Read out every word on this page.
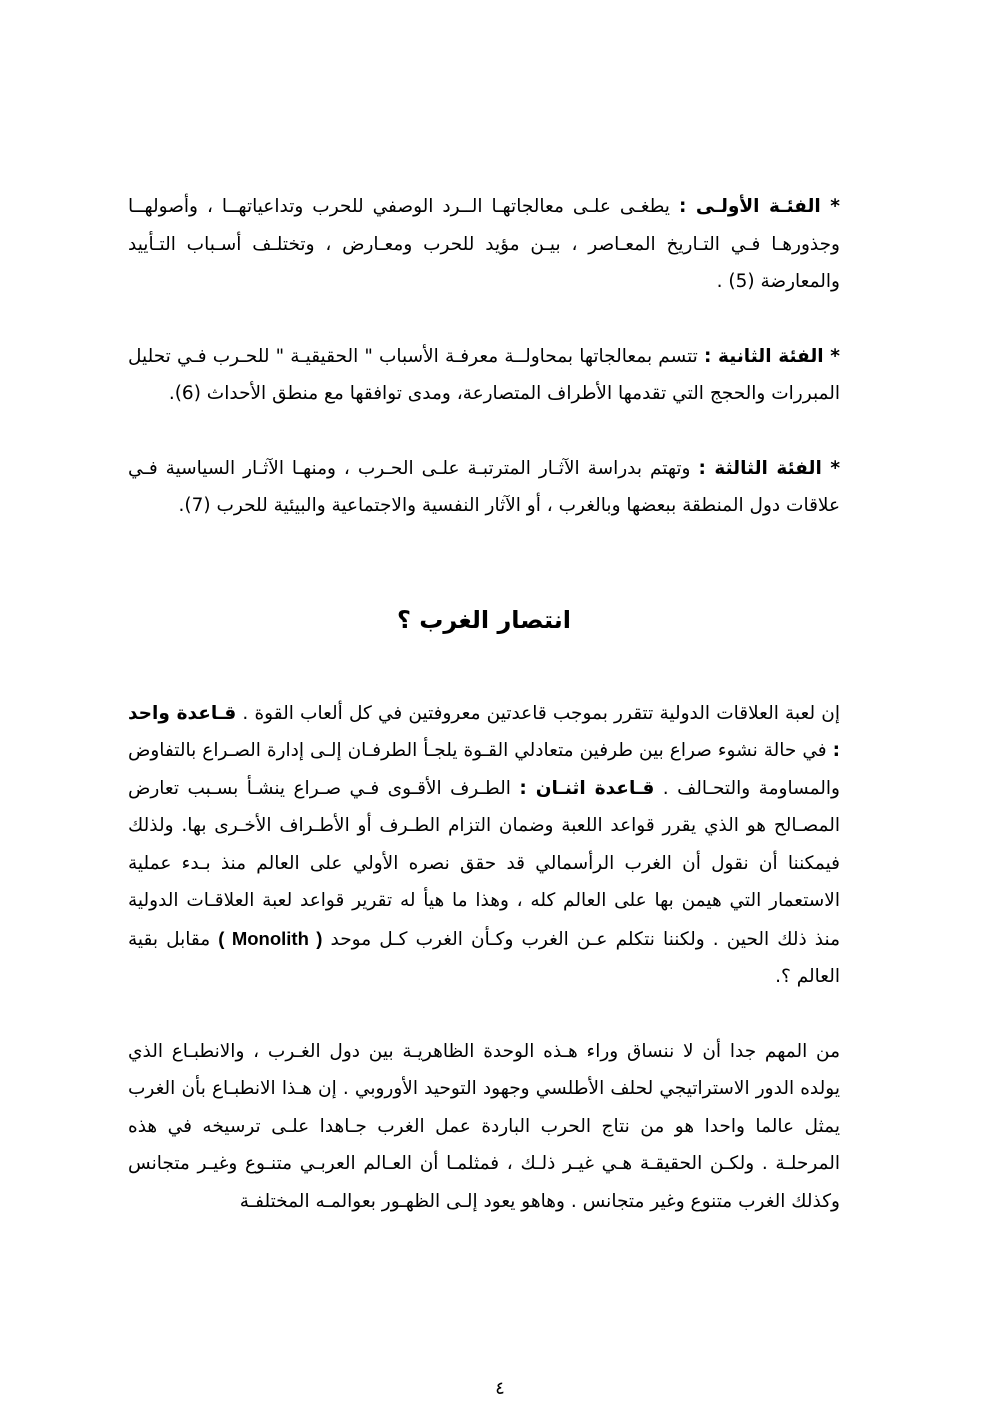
* الفئـة الأولـى : يطغـى علـى معالجاتهـا الــرد الوصفي للحرب وتداعياتهــا ، وأصولهــا وجذورهـا فـي التـاريخ المعـاصر ، بيـن مؤيد للحرب ومعـارض ، وتختلـف أسـباب التـأييد والمعارضة (5) .

* الفئة الثانية : تتسم بمعالجاتها بمحاولــة معرفـة الأسباب " الحقيقيـة " للحـرب فـي تحليل المبررات والحجج التي تقدمها الأطراف المتصارعة، ومدى توافقها مع منطق الأحداث (6).

* الفئة الثالثة : وتهتم بدراسة الآثـار المترتبـة علـى الحـرب ، ومنهـا الآثـار السياسية فـي علاقات دول المنطقة ببعضها وبالغرب ، أو الآثار النفسية والاجتماعية والبيئية للحرب (7).

انتصار الغرب ؟

إن لعبة العلاقات الدولية تتقرر بموجب قاعدتين معروفتين في كل ألعاب القوة . قـاعدة واحد : في حالة نشوء صراع بين طرفين متعادلي القـوة يلجـأ الطرفـان إلـى إدارة الصـراع بالتفاوض والمساومة والتحـالف . قـاعدة اثنـان : الطـرف الأقـوى فـي صـراع ينشـأ بسـبب تعارض المصـالح هو الذي يقرر قواعد اللعبة وضمان التزام الطـرف أو الأطـراف الأخـرى بها. ولذلك فيمكننا أن نقول أن الغرب الرأسمالي قد حقق نصره الأولي على العالم منذ بـدء عملية الاستعمار التي هيمن بها على العالم كله ، وهذا ما هيأ له تقرير قواعد لعبة العلاقـات الدولية منذ ذلك الحين . ولكننا نتكلم عـن الغرب وكـأن الغرب كـل موحد ( Monolith ) مقابل بقية العالم ؟.

من المهم جدا أن لا ننساق وراء هـذه الوحدة الظاهريـة بين دول الغـرب ، والانطبـاع الذي يولده الدور الاستراتيجي لحلف الأطلسي وجهود التوحيد الأوروبي . إن هـذا الانطبـاع بأن الغرب يمثل عالما واحدا هو من نتاج الحرب الباردة عمل الغرب جـاهدا علـى ترسيخه في هذه المرحلـة . ولكـن الحقيقـة هـي غيـر ذلـك ، فمثلمـا أن العـالم العربـي متنـوع وغيـر متجانس وكذلك الغرب متنوع وغير متجانس . وهاهو يعود إلـى الظهـور بعوالمـه المختلفـة

٤
